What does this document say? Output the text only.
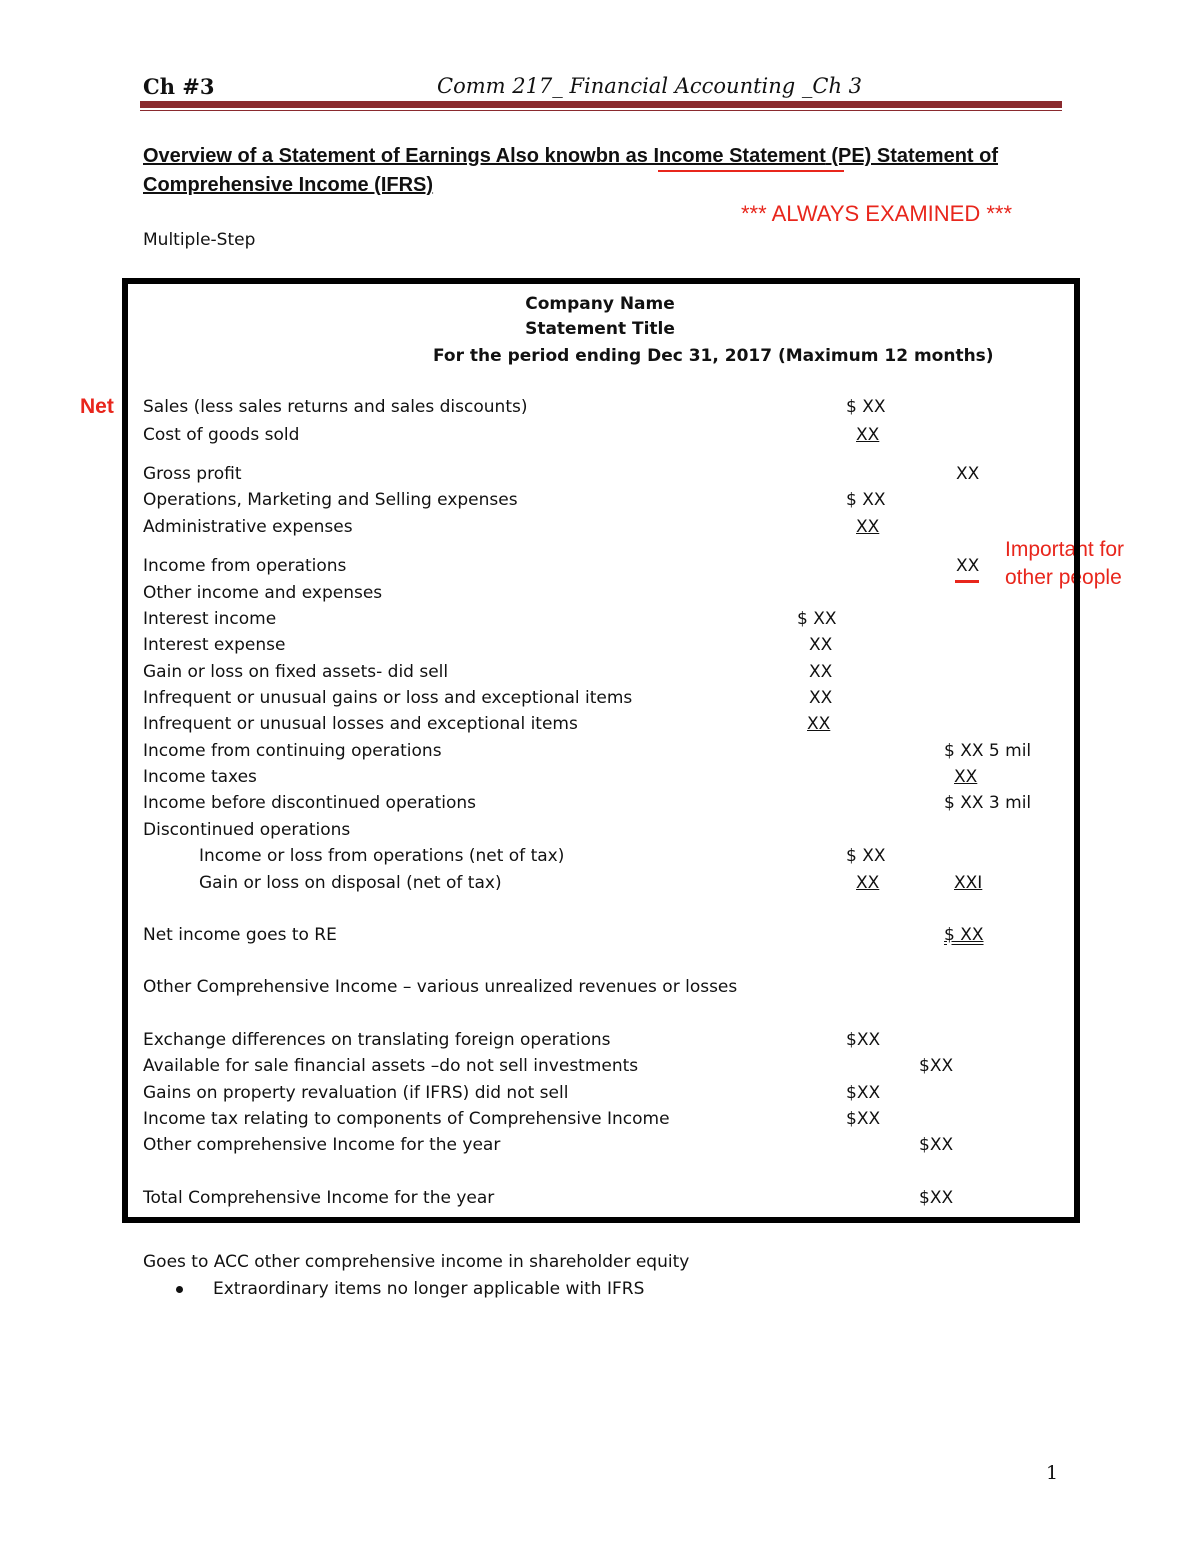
Ch #3	Comm 217_ Financial Accounting _Ch 3
Overview of a Statement of Earnings Also knowbn as Income Statement (PE) Statement of
Comprehensive Income (IFRS)
*** ALWAYS EXAMINED ***
Multiple-Step
Net
Important for
other people
Company Name
Statement Title
For the period ending Dec 31, 2017 (Maximum 12 months)
Sales (less sales returns and sales discounts)	$ XX
Cost of goods sold	XX
Gross profit	XX
Operations, Marketing and Selling expenses	$ XX
Administrative expenses	XX
Income from operations	XX
Other income and expenses
Interest income	$ XX
Interest expense	XX
Gain or loss on fixed assets- did sell	XX
Infrequent or unusual gains or loss and exceptional items	XX
Infrequent or unusual losses and exceptional items	XX
Income from continuing operations	$ XX 5 mil
Income taxes	XX
Income before discontinued operations	$ XX 3 mil
Discontinued operations
Income or loss from operations (net of tax)	$ XX
Gain or loss on disposal (net of tax)	XX	XXI
Net income goes to RE	$ XX
Other Comprehensive Income – various unrealized revenues or losses
Exchange differences on translating foreign operations	$XX
Available for sale financial assets –do not sell investments	$XX
Gains on property revaluation (if IFRS) did not sell	$XX
Income tax relating to components of Comprehensive Income	$XX
Other comprehensive Income for the year	$XX
Total Comprehensive Income for the year	$XX
Goes to ACC other comprehensive income in shareholder equity
Extraordinary items no longer applicable with IFRS
1
